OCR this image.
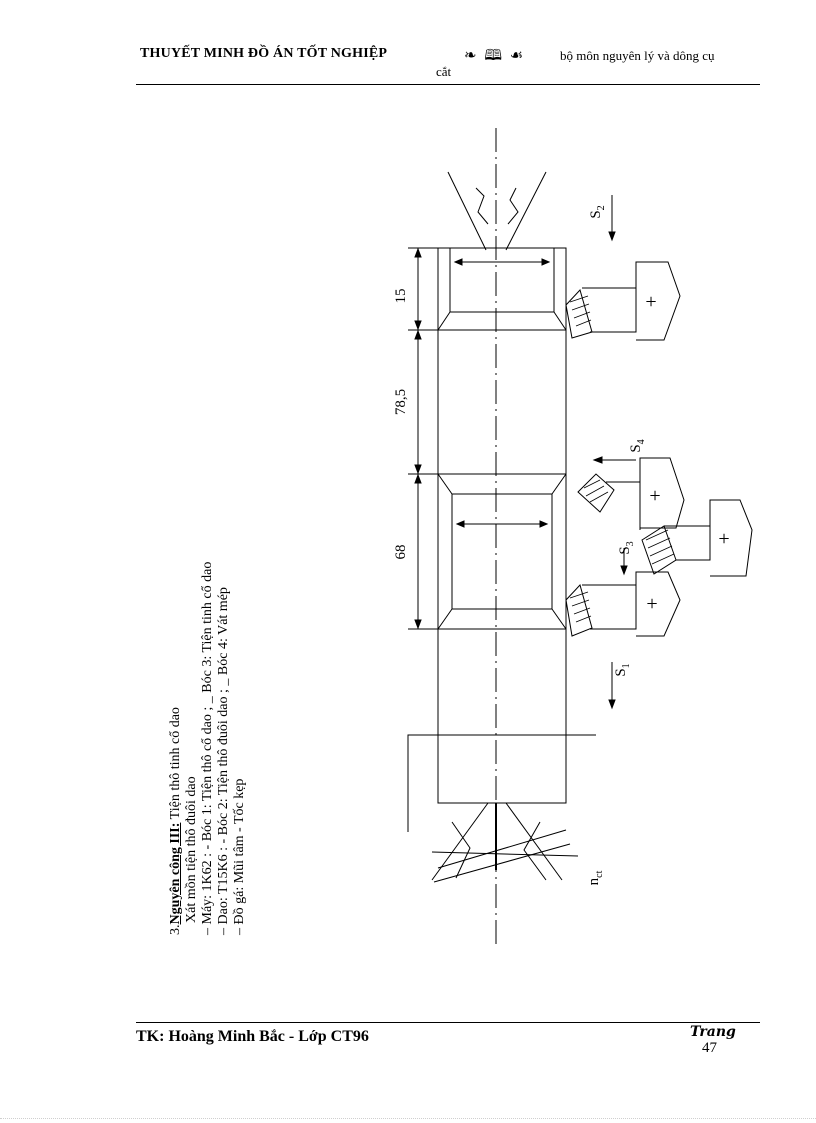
THUYẾT MINH ĐỒ ÁN TỐT NGHIỆP	❧ 🕮 ☙	bộ môn nguyên lý và dông cụ
cắt
3.Nguyên công III: Tiện thô tinh cổ dao
Xát mồn tiện thô đuôi dao – Máy: 1K62 : - Bóc 1: Tiện thô cổ dao ; _ Bóc 3: Tiện tinh cổ dao – Dao: T15K6 : - Bóc 2: Tiện thô đuôi dao ; _ Bóc 4: Vát mép – Đồ gá: Mũi tâm - Tốc kẹp
+
+
+
+
15
78,5
68
$S_2$
$S_4$
$S_3$
$S_1$
$n_{ct}$
TK: Hoàng Minh Bắc - Lớp CT96	Trang
47
